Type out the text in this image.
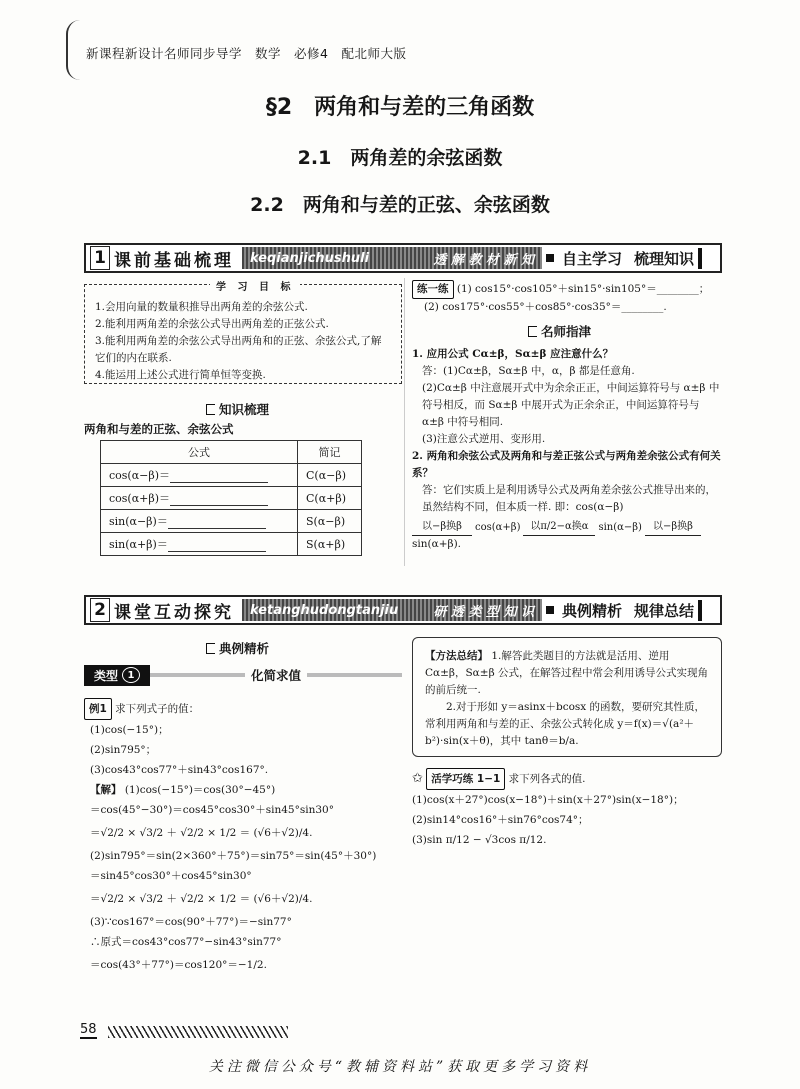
新课程新设计名师同步导学　数学　必修4　配北师大版
§2　两角和与差的三角函数
2.1　两角差的余弦函数
2.2　两角和与差的正弦、余弦函数
1 课前基础梳理 keqianjichushuli	透 解 教 材 新 知 自主学习 梳理知识
1.会用向量的数量积推导出两角差的余弦公式.
2.能利用两角差的余弦公式导出两角差的正弦公式.
3.能利用两角差的余弦公式导出两角和的正弦、余弦公式,了解它们的内在联系.
4.能运用上述公式进行简单恒等变换.
学 习 目 标
知识梳理
两角和与差的正弦、余弦公式
公式	简记
cos(α−β)＝	C(α−β)
cos(α+β)＝	C(α+β)
sin(α−β)＝	S(α−β)
sin(α+β)＝	S(α+β)
练一练 (1) cos15°·cos105°＋sin15°·sin105°＝________；
(2) cos175°·cos55°＋cos85°·cos35°＝________.
名师指津
1. 应用公式 Cα±β，Sα±β 应注意什么？
答：(1)Cα±β，Sα±β 中，α，β 都是任意角.
(2)Cα±β 中注意展开式中为余余正正，中间运算符号与 α±β 中符号相反，而 Sα±β 中展开式为正余余正，中间运算符号与 α±β 中符号相同.
(3)注意公式逆用、变形用.
2. 两角和余弦公式及两角和与差正弦公式与两角差余弦公式有何关系？
答：它们实质上是利用诱导公式及两角差余弦公式推导出来的，虽然结构不同，但本质一样. 即：cos(α−β)
以−β换β	cos(α+β) 以π/2−α换α sin(α−β)	以−β换β
sin(α+β).
2 课堂互动探究 ketanghudongtanjiu	研 透 类 型 知 识 典例精析 规律总结
典例精析
类型 1	化简求值
例1 求下列式子的值：
(1)cos(−15°)；
(2)sin795°；
(3)cos43°cos77°＋sin43°cos167°.
【解】 (1)cos(−15°)＝cos(30°−45°)
＝cos(45°−30°)＝cos45°cos30°＋sin45°sin30°
＝√2/2 × √3/2 ＋ √2/2 × 1/2 ＝ (√6＋√2)/4.
(2)sin795°＝sin(2×360°＋75°)＝sin75°＝sin(45°＋30°)
＝sin45°cos30°＋cos45°sin30°
＝√2/2 × √3/2 ＋ √2/2 × 1/2 ＝ (√6＋√2)/4.
(3)∵cos167°＝cos(90°＋77°)＝−sin77°
∴原式＝cos43°cos77°−sin43°sin77°
＝cos(43°＋77°)＝cos120°＝−1/2.
【方法总结】 1.解答此类题目的方法就是活用、逆用 Cα±β，Sα±β 公式，在解答过程中常会利用诱导公式实现角的前后统一.
2.对于形如 y＝asinx＋bcosx 的函数，要研究其性质，常利用两角和与差的正、余弦公式转化成 y＝f(x)＝√(a²＋b²)·sin(x＋θ)，其中 tanθ＝b/a.
✩ 活学巧练 1−1 求下列各式的值.
(1)cos(x＋27°)cos(x−18°)＋sin(x＋27°)sin(x−18°)；
(2)sin14°cos16°＋sin76°cos74°；
(3)sin π/12 − √3cos π/12.
58
关注微信公众号“教辅资料站”获取更多学习资料
